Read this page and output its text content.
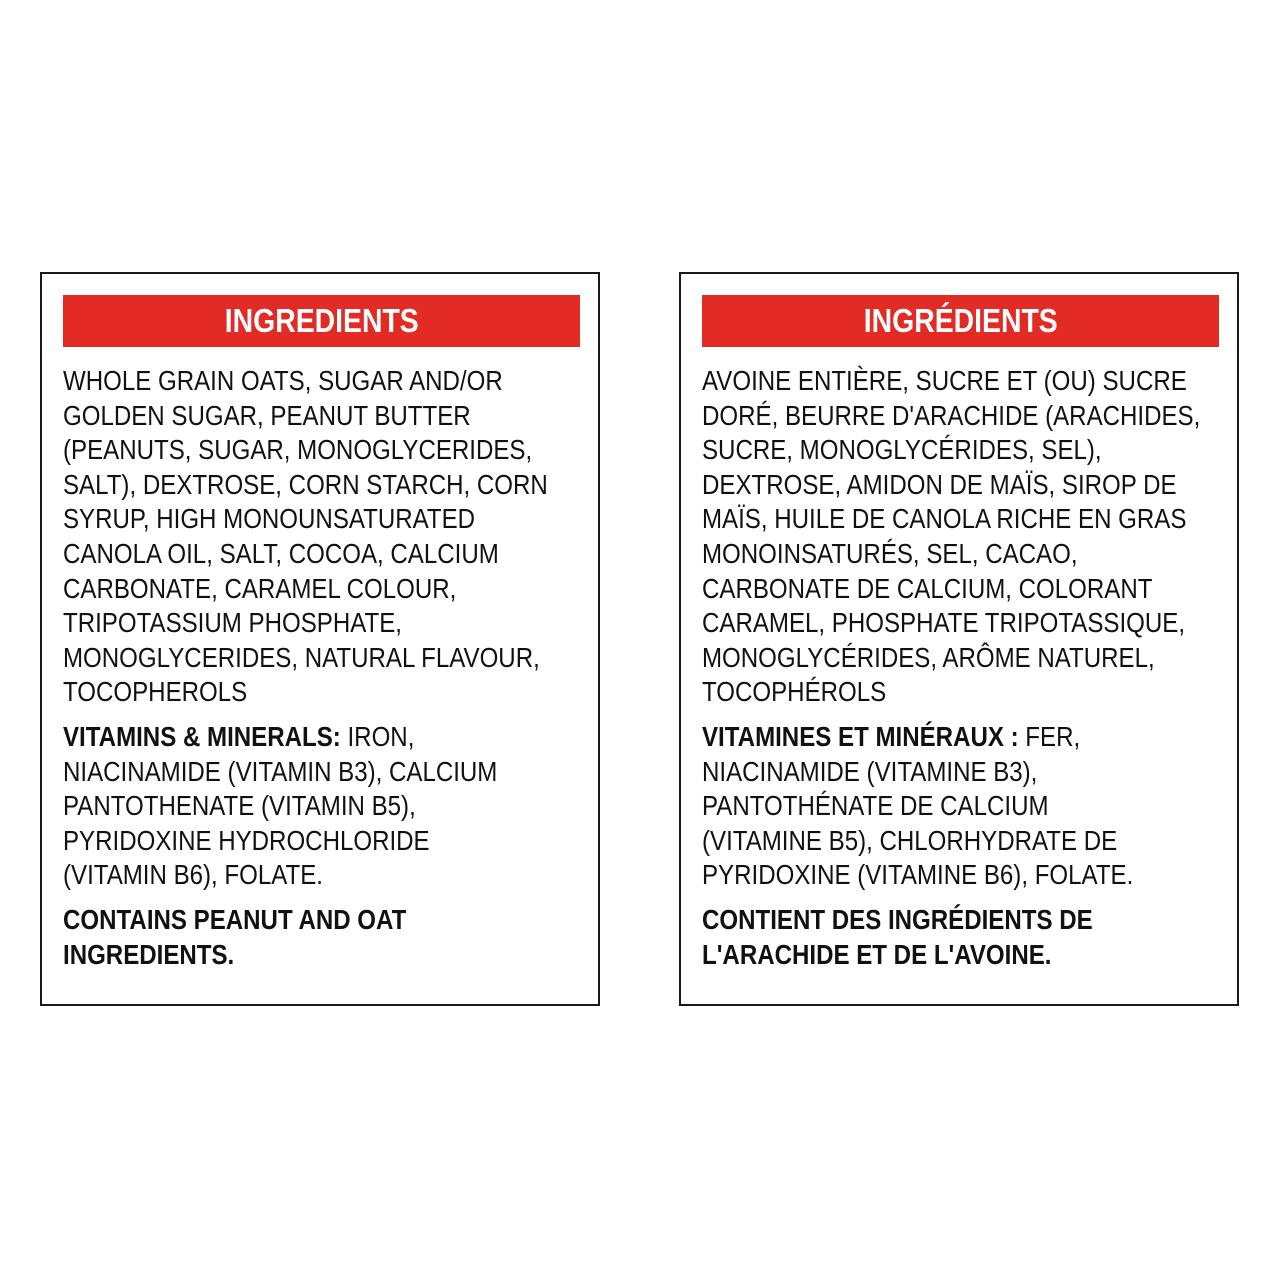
INGREDIENTS

WHOLE GRAIN OATS, SUGAR AND/OR
GOLDEN SUGAR, PEANUT BUTTER
(PEANUTS, SUGAR, MONOGLYCERIDES,
SALT), DEXTROSE, CORN STARCH, CORN
SYRUP, HIGH MONOUNSATURATED
CANOLA OIL, SALT, COCOA, CALCIUM
CARBONATE, CARAMEL COLOUR,
TRIPOTASSIUM PHOSPHATE,
MONOGLYCERIDES, NATURAL FLAVOUR,
TOCOPHEROLS

VITAMINS & MINERALS: IRON,
NIACINAMIDE (VITAMIN B3), CALCIUM
PANTOTHENATE (VITAMIN B5),
PYRIDOXINE HYDROCHLORIDE
(VITAMIN B6), FOLATE.

CONTAINS PEANUT AND OAT
INGREDIENTS.

INGRÉDIENTS

AVOINE ENTIÈRE, SUCRE ET (OU) SUCRE
DORÉ, BEURRE D'ARACHIDE (ARACHIDES,
SUCRE, MONOGLYCÉRIDES, SEL),
DEXTROSE, AMIDON DE MAÏS, SIROP DE
MAÏS, HUILE DE CANOLA RICHE EN GRAS
MONOINSATURÉS, SEL, CACAO,
CARBONATE DE CALCIUM, COLORANT
CARAMEL, PHOSPHATE TRIPOTASSIQUE,
MONOGLYCÉRIDES, ARÔME NATUREL,
TOCOPHÉROLS

VITAMINES ET MINÉRAUX : FER,
NIACINAMIDE (VITAMINE B3),
PANTOTHÉNATE DE CALCIUM
(VITAMINE B5), CHLORHYDRATE DE
PYRIDOXINE (VITAMINE B6), FOLATE.

CONTIENT DES INGRÉDIENTS DE
L'ARACHIDE ET DE L'AVOINE.
